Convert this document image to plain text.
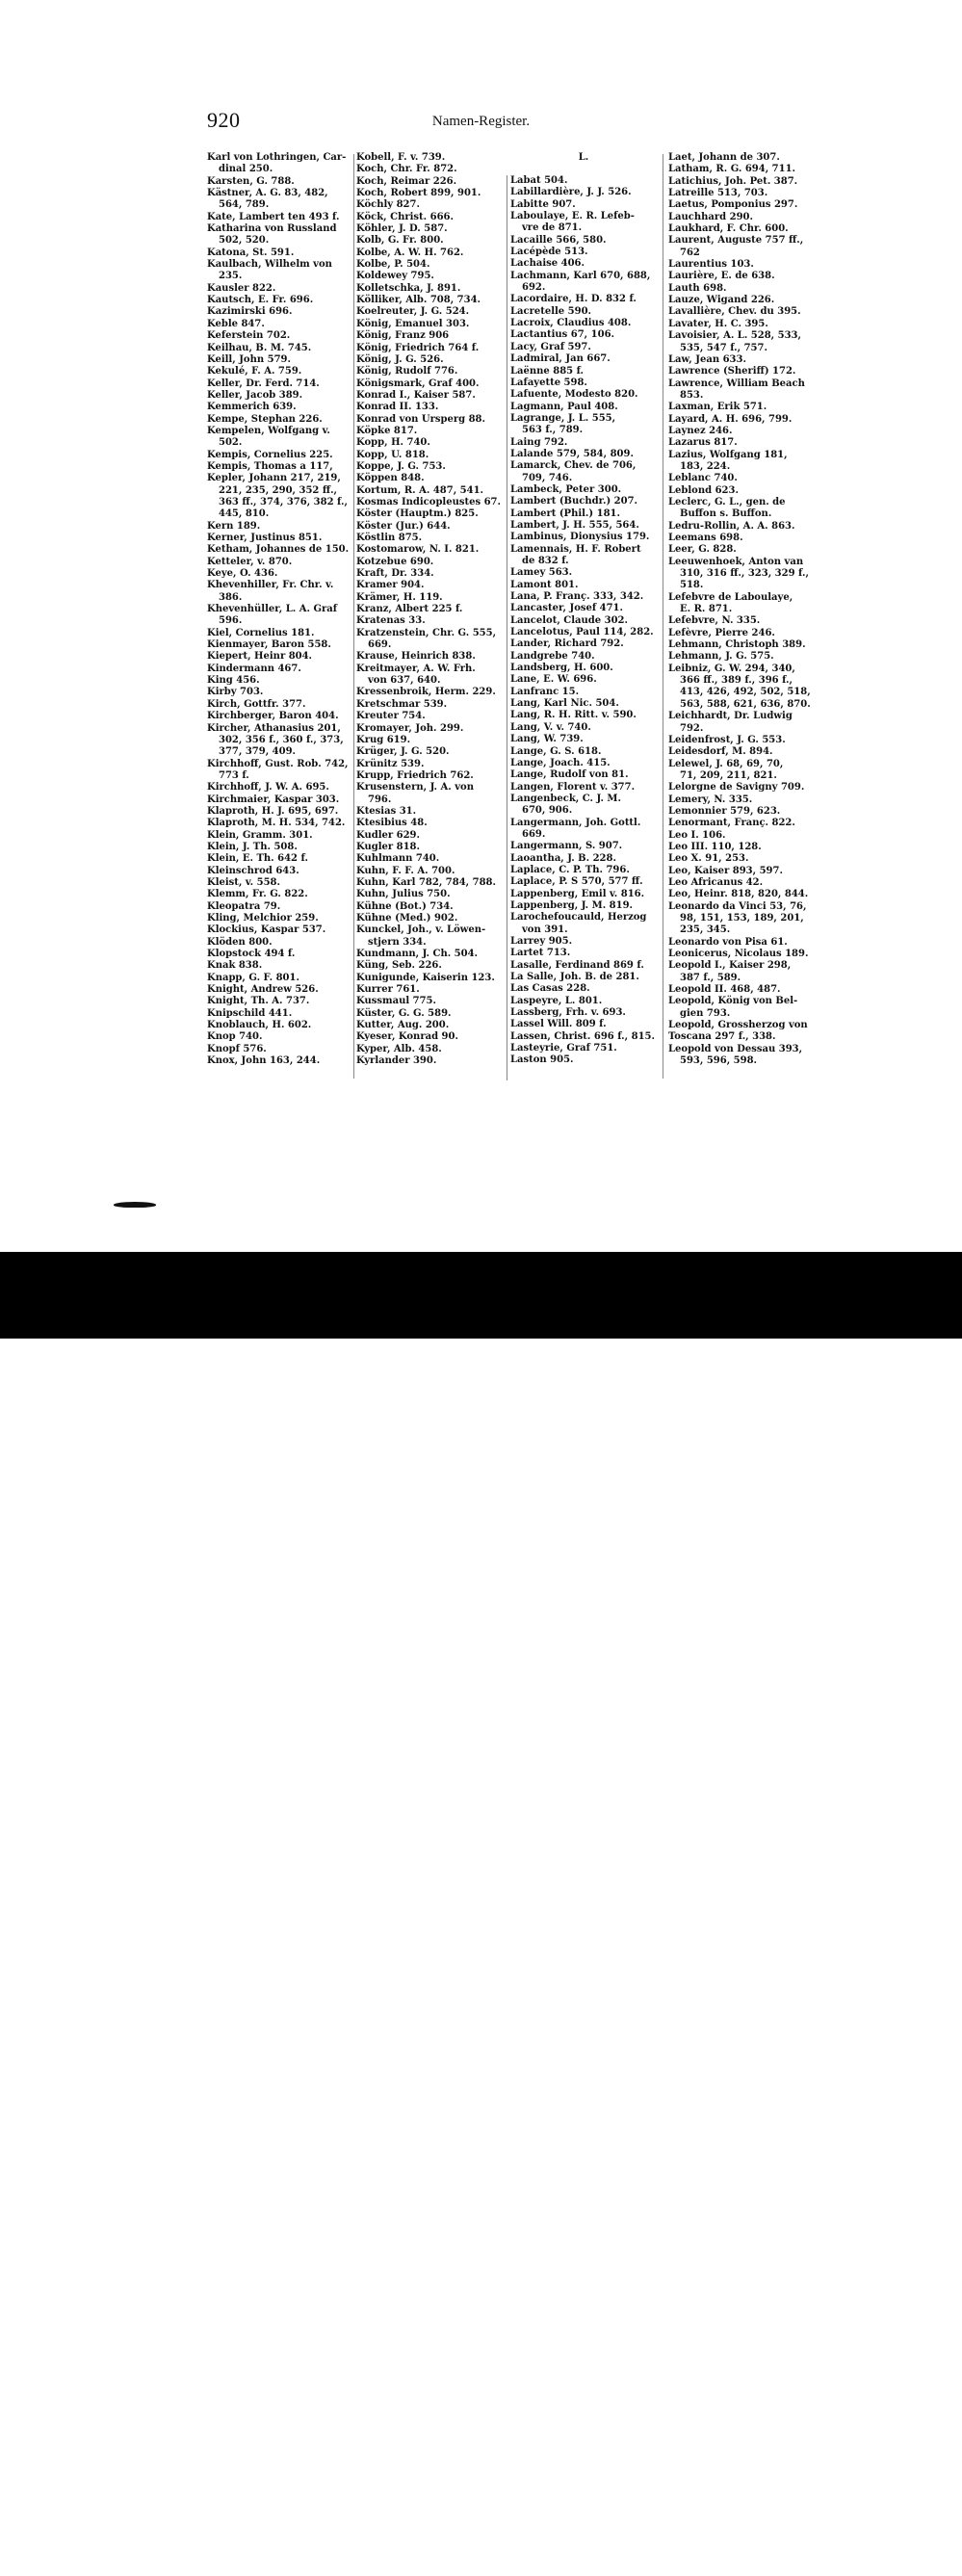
920	Namen-Register.
Karl von Lothringen, Car-
dinal 250.
Karsten, G. 788.
Kästner, A. G. 83, 482,
564, 789.
Kate, Lambert ten 493 f.
Katharina von Russland
502, 520.
Katona, St. 591.
Kaulbach, Wilhelm von
235.
Kausler 822.
Kautsch, E. Fr. 696.
Kazimirski 696.
Keble 847.
Keferstein 702.
Keilhau, B. M. 745.
Keill, John 579.
Kekulé, F. A. 759.
Keller, Dr. Ferd. 714.
Keller, Jacob 389.
Kemmerich 639.
Kempe, Stephan 226.
Kempelen, Wolfgang v.
502.
Kempis, Cornelius 225.
Kempis, Thomas a 117,
Kepler, Johann 217, 219,
221, 235, 290, 352 ff.,
363 ff., 374, 376, 382 f.,
445, 810.
Kern 189.
Kerner, Justinus 851.
Ketham, Johannes de 150.
Ketteler, v. 870.
Keye, O. 436.
Khevenhiller, Fr. Chr. v.
386.
Khevenhüller, L. A. Graf
596.
Kiel, Cornelius 181.
Kienmayer, Baron 558.
Kiepert, Heinr 804.
Kindermann 467.
King 456.
Kirby 703.
Kirch, Gottfr. 377.
Kirchberger, Baron 404.
Kircher, Athanasius 201,
302, 356 f., 360 f., 373,
377, 379, 409.
Kirchhoff, Gust. Rob. 742,
773 f.
Kirchhoff, J. W. A. 695.
Kirchmaier, Kaspar 303.
Klaproth, H. J. 695, 697.
Klaproth, M. H. 534, 742.
Klein, Gramm. 301.
Klein, J. Th. 508.
Klein, E. Th. 642 f.
Kleinschrod 643.
Kleist, v. 558.
Klemm, Fr. G. 822.
Kleopatra 79.
Kling, Melchior 259.
Klockius, Kaspar 537.
Klöden 800.
Klopstock 494 f.
Knak 838.
Knapp, G. F. 801.
Knight, Andrew 526.
Knight, Th. A. 737.
Knipschild 441.
Knoblauch, H. 602.
Knop 740.
Knopf 576.
Knox, John 163, 244.
Kobell, F. v. 739.
Koch, Chr. Fr. 872.
Koch, Reimar 226.
Koch, Robert 899, 901.
Köchly 827.
Köck, Christ. 666.
Köhler, J. D. 587.
Kolb, G. Fr. 800.
Kolbe, A. W. H. 762.
Kolbe, P. 504.
Koldewey 795.
Kolletschka, J. 891.
Kölliker, Alb. 708, 734.
Koelreuter, J. G. 524.
König, Emanuel 303.
König, Franz 906
König, Friedrich 764 f.
König, J. G. 526.
König, Rudolf 776.
Königsmark, Graf 400.
Konrad I., Kaiser 587.
Konrad II. 133.
Konrad von Ursperg 88.
Köpke 817.
Kopp, H. 740.
Kopp, U. 818.
Koppe, J. G. 753.
Köppen 848.
Kortum, R. A. 487, 541.
Kosmas Indicopleustes 67.
Köster (Hauptm.) 825.
Köster (Jur.) 644.
Köstlin 875.
Kostomarow, N. I. 821.
Kotzebue 690.
Kraft, Dr. 334.
Kramer 904.
Krämer, H. 119.
Kranz, Albert 225 f.
Kratenas 33.
Kratzenstein, Chr. G. 555,
669.
Krause, Heinrich 838.
Kreitmayer, A. W. Frh.
von 637, 640.
Kressenbroik, Herm. 229.
Kretschmar 539.
Kreuter 754.
Kromayer, Joh. 299.
Krug 619.
Krüger, J. G. 520.
Krünitz 539.
Krupp, Friedrich 762.
Krusenstern, J. A. von
796.
Ktesias 31.
Ktesibius 48.
Kudler 629.
Kugler 818.
Kuhlmann 740.
Kuhn, F. F. A. 700.
Kuhn, Karl 782, 784, 788.
Kuhn, Julius 750.
Kühne (Bot.) 734.
Kühne (Med.) 902.
Kunckel, Joh., v. Löwen-
stjern 334.
Kundmann, J. Ch. 504.
Küng, Seb. 226.
Kunigunde, Kaiserin 123.
Kurrer 761.
Kussmaul 775.
Küster, G. G. 589.
Kutter, Aug. 200.
Kyeser, Konrad 90.
Kyper, Alb. 458.
Kyrlander 390.
L.
Labat 504.
Labillardière, J. J. 526.
Labitte 907.
Laboulaye, E. R. Lefeb-
vre de 871.
Lacaille 566, 580.
Lacépède 513.
Lachaise 406.
Lachmann, Karl 670, 688,
692.
Lacordaire, H. D. 832 f.
Lacretelle 590.
Lacroix, Claudius 408.
Lactantius 67, 106.
Lacy, Graf 597.
Ladmiral, Jan 667.
Laënne 885 f.
Lafayette 598.
Lafuente, Modesto 820.
Lagmann, Paul 408.
Lagrange, J. L. 555,
563 f., 789.
Laing 792.
Lalande 579, 584, 809.
Lamarck, Chev. de 706,
709, 746.
Lambeck, Peter 300.
Lambert (Buchdr.) 207.
Lambert (Phil.) 181.
Lambert, J. H. 555, 564.
Lambinus, Dionysius 179.
Lamennais, H. F. Robert
de 832 f.
Lamey 563.
Lamont 801.
Lana, P. Franç. 333, 342.
Lancaster, Josef 471.
Lancelot, Claude 302.
Lancelotus, Paul 114, 282.
Lander, Richard 792.
Landgrebe 740.
Landsberg, H. 600.
Lane, E. W. 696.
Lanfranc 15.
Lang, Karl Nic. 504.
Lang, R. H. Ritt. v. 590.
Lang, V. v. 740.
Lang, W. 739.
Lange, G. S. 618.
Lange, Joach. 415.
Lange, Rudolf von 81.
Langen, Florent v. 377.
Langenbeck, C. J. M.
670, 906.
Langermann, Joh. Gottl.
669.
Langermann, S. 907.
Laoantha, J. B. 228.
Laplace, C. P. Th. 796.
Laplace, P. S 570, 577 ff.
Lappenberg, Emil v. 816.
Lappenberg, J. M. 819.
Larochefoucauld, Herzog
von 391.
Larrey 905.
Lartet 713.
Lasalle, Ferdinand 869 f.
La Salle, Joh. B. de 281.
Las Casas 228.
Laspeyre, L. 801.
Lassberg, Frh. v. 693.
Lassel Will. 809 f.
Lassen, Christ. 696 f., 815.
Lasteyrie, Graf 751.
Laston 905.
Laet, Johann de 307.
Latham, R. G. 694, 711.
Latichius, Joh. Pet. 387.
Latreille 513, 703.
Laetus, Pomponius 297.
Lauchhard 290.
Laukhard, F. Chr. 600.
Laurent, Auguste 757 ff.,
762
Laurentius 103.
Laurière, E. de 638.
Lauth 698.
Lauze, Wigand 226.
Lavallière, Chev. du 395.
Lavater, H. C. 395.
Lavoisier, A. L. 528, 533,
535, 547 f., 757.
Law, Jean 633.
Lawrence (Sheriff) 172.
Lawrence, William Beach
853.
Laxman, Erik 571.
Layard, A. H. 696, 799.
Laynez 246.
Lazarus 817.
Lazius, Wolfgang 181,
183, 224.
Leblanc 740.
Leblond 623.
Leclerc, G. L., gen. de
Buffon s. Buffon.
Ledru-Rollin, A. A. 863.
Leemans 698.
Leer, G. 828.
Leeuwenhoek, Anton van
310, 316 ff., 323, 329 f.,
518.
Lefebvre de Laboulaye,
E. R. 871.
Lefebvre, N. 335.
Lefèvre, Pierre 246.
Lehmann, Christoph 389.
Lehmann, J. G. 575.
Leibniz, G. W. 294, 340,
366 ff., 389 f., 396 f.,
413, 426, 492, 502, 518,
563, 588, 621, 636, 870.
Leichhardt, Dr. Ludwig
792.
Leidenfrost, J. G. 553.
Leidesdorf, M. 894.
Lelewel, J. 68, 69, 70,
71, 209, 211, 821.
Lelorgne de Savigny 709.
Lemery, N. 335.
Lemonnier 579, 623.
Lenormant, Franç. 822.
Leo I. 106.
Leo III. 110, 128.
Leo X. 91, 253.
Leo, Kaiser 893, 597.
Leo Africanus 42.
Leo, Heinr. 818, 820, 844.
Leonardo da Vinci 53, 76,
98, 151, 153, 189, 201,
235, 345.
Leonardo von Pisa 61.
Leonicerus, Nicolaus 189.
Leopold I., Kaiser 298,
387 f., 589.
Leopold II. 468, 487.
Leopold, König von Bel-
gien 793.
Leopold, Grossherzog von
Toscana 297 f., 338.
Leopold von Dessau 393,
593, 596, 598.
alamy	2BKY44Y
www.alamy.com
